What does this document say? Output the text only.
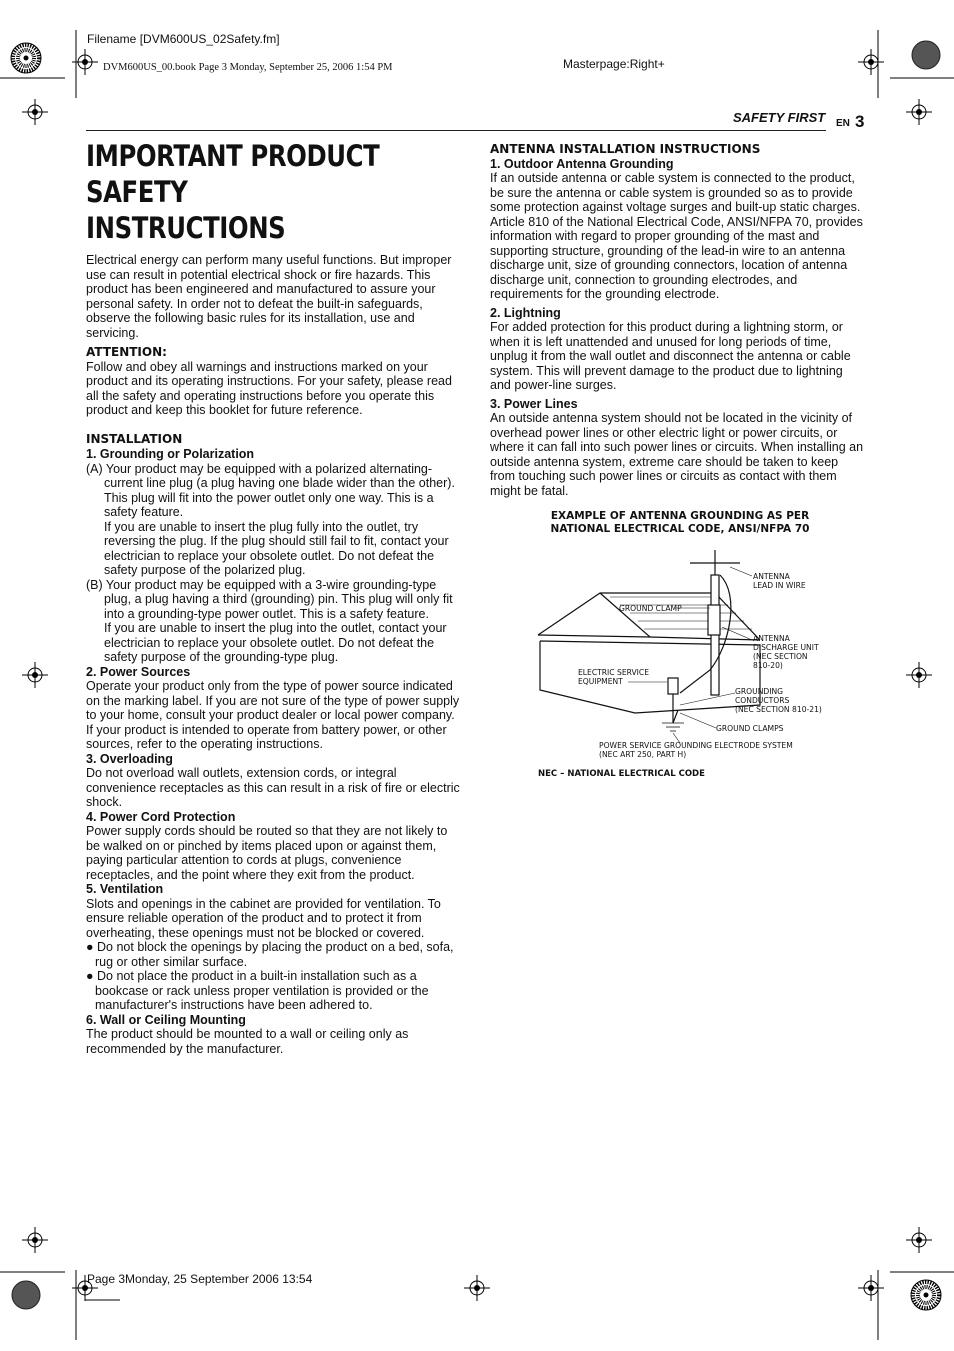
Filename [DVM600US_02Safety.fm]
DVM600US_00.book Page 3 Monday, September 25, 2006 1:54 PM	Masterpage:Right+
Page 3Monday, 25 September 2006 13:54
SAFETY FIRST EN 3
IMPORTANT PRODUCT SAFETY
INSTRUCTIONS

Electrical energy can perform many useful functions. But improper use can result in potential electrical shock or fire hazards. This product has been engineered and manufactured to assure your personal safety. In order not to defeat the built-in safeguards, observe the following basic rules for its installation, use and servicing.

ATTENTION:

Follow and obey all warnings and instructions marked on your product and its operating instructions. For your safety, please read all the safety and operating instructions before you operate this product and keep this booklet for future reference.

INSTALLATION

1. Grounding or Polarization

(A) Your product may be equipped with a polarized alternating-current line plug (a plug having one blade wider than the other). This plug will fit into the power outlet only one way. This is a safety feature.

If you are unable to insert the plug fully into the outlet, try reversing the plug. If the plug should still fail to fit, contact your electrician to replace your obsolete outlet. Do not defeat the safety purpose of the polarized plug.

(B) Your product may be equipped with a 3-wire grounding-type plug, a plug having a third (grounding) pin. This plug will only fit into a grounding-type power outlet. This is a safety feature.

If you are unable to insert the plug into the outlet, contact your electrician to replace your obsolete outlet. Do not defeat the safety purpose of the grounding-type plug.

2. Power Sources

Operate your product only from the type of power source indicated on the marking label. If you are not sure of the type of power supply to your home, consult your product dealer or local power company. If your product is intended to operate from battery power, or other sources, refer to the operating instructions.

3. Overloading

Do not overload wall outlets, extension cords, or integral convenience receptacles as this can result in a risk of fire or electric shock.

4. Power Cord Protection

Power supply cords should be routed so that they are not likely to be walked on or pinched by items placed upon or against them, paying particular attention to cords at plugs, convenience receptacles, and the point where they exit from the product.

5. Ventilation

Slots and openings in the cabinet are provided for ventilation. To ensure reliable operation of the product and to protect it from overheating, these openings must not be blocked or covered.

● Do not block the openings by placing the product on a bed, sofa, rug or other similar surface.

● Do not place the product in a built-in installation such as a bookcase or rack unless proper ventilation is provided or the manufacturer's instructions have been adhered to.

6. Wall or Ceiling Mounting

The product should be mounted to a wall or ceiling only as recommended by the manufacturer.

ANTENNA INSTALLATION INSTRUCTIONS

1. Outdoor Antenna Grounding

If an outside antenna or cable system is connected to the product, be sure the antenna or cable system is grounded so as to provide some protection against voltage surges and built-up static charges. Article 810 of the National Electrical Code, ANSI/NFPA 70, provides information with regard to proper grounding of the mast and supporting structure, grounding of the lead-in wire to an antenna discharge unit, size of grounding connectors, location of antenna discharge unit, connection to grounding electrodes, and requirements for the grounding electrode.

2. Lightning

For added protection for this product during a lightning storm, or when it is left unattended and unused for long periods of time, unplug it from the wall outlet and disconnect the antenna or cable system. This will prevent damage to the product due to lightning and power-line surges.

3. Power Lines

An outside antenna system should not be located in the vicinity of overhead power lines or other electric light or power circuits, or where it can fall into such power lines or circuits. When installing an outside antenna system, extreme care should be taken to keep from touching such power lines or circuits as contact with them might be fatal.

EXAMPLE OF ANTENNA GROUNDING AS PER
NATIONAL ELECTRICAL CODE, ANSI/NFPA 70
ANTENNA
LEAD IN WIRE
GROUND CLAMP
ANTENNA
DISCHARGE UNIT
(NEC SECTION
810-20)
ELECTRIC SERVICE
EQUIPMENT
GROUNDING
CONDUCTORS
(NEC SECTION 810-21)
GROUND CLAMPS
POWER SERVICE GROUNDING ELECTRODE SYSTEM
(NEC ART 250, PART H)
NEC – NATIONAL ELECTRICAL CODE
